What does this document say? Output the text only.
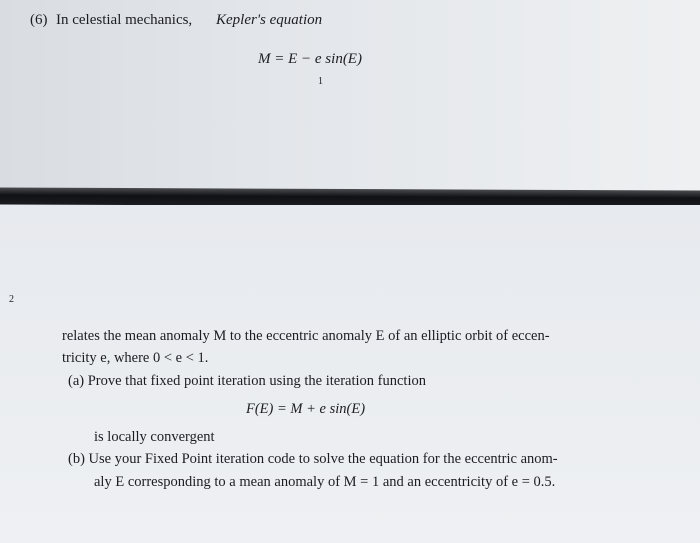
(6) In celestial mechanics, Kepler's equation
M = E − e sin(E)
1
2
relates the mean anomaly M to the eccentric anomaly E of an elliptic orbit of eccen-
tricity e, where 0 < e < 1.
(a) Prove that fixed point iteration using the iteration function
F(E) = M + e sin(E)
is locally convergent
(b) Use your Fixed Point iteration code to solve the equation for the eccentric anom-
aly E corresponding to a mean anomaly of M = 1 and an eccentricity of e = 0.5.
